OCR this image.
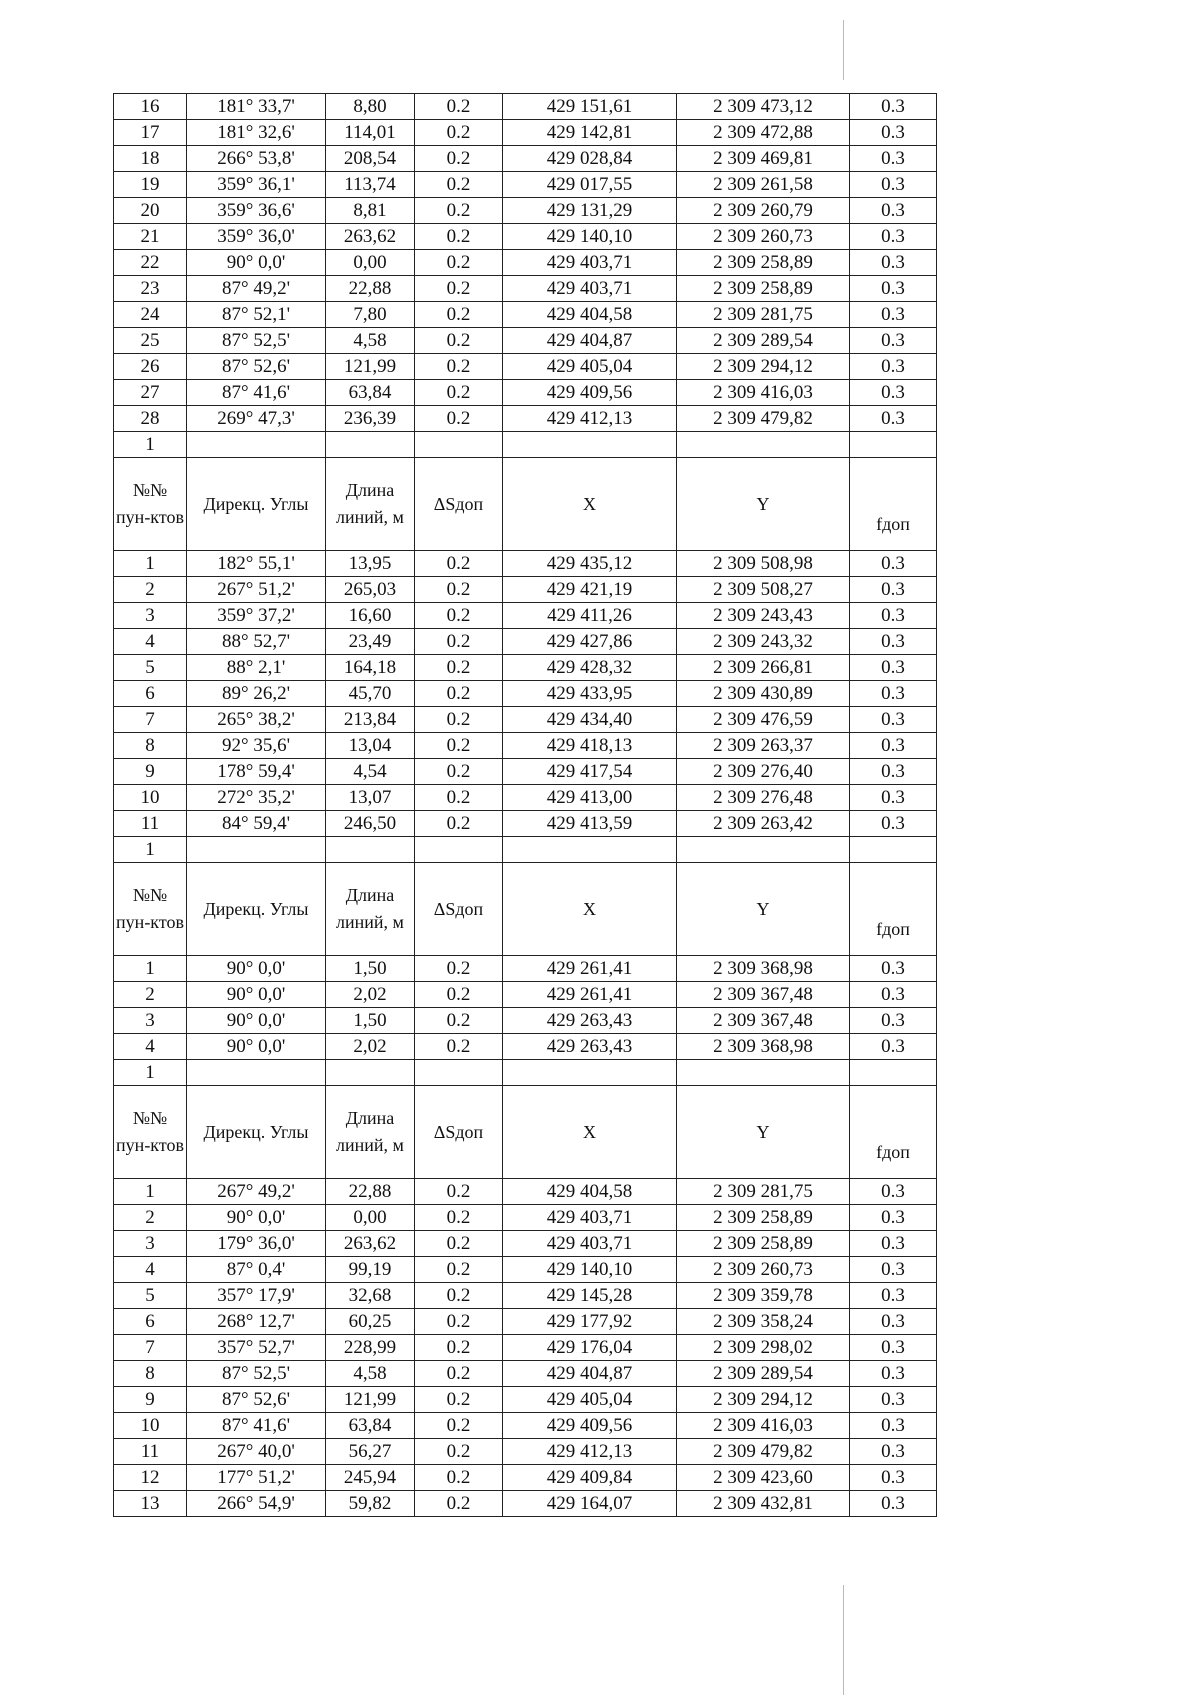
16	181° 33,7'	8,80	0.2	429 151,61	2 309 473,12	0.3
17	181° 32,6'	114,01	0.2	429 142,81	2 309 472,88	0.3
18	266° 53,8'	208,54	0.2	429 028,84	2 309 469,81	0.3
19	359° 36,1'	113,74	0.2	429 017,55	2 309 261,58	0.3
20	359° 36,6'	8,81	0.2	429 131,29	2 309 260,79	0.3
21	359° 36,0'	263,62	0.2	429 140,10	2 309 260,73	0.3
22	90° 0,0'	0,00	0.2	429 403,71	2 309 258,89	0.3
23	87° 49,2'	22,88	0.2	429 403,71	2 309 258,89	0.3
24	87° 52,1'	7,80	0.2	429 404,58	2 309 281,75	0.3
25	87° 52,5'	4,58	0.2	429 404,87	2 309 289,54	0.3
26	87° 52,6'	121,99	0.2	429 405,04	2 309 294,12	0.3
27	87° 41,6'	63,84	0.2	429 409,56	2 309 416,03	0.3
28	269° 47,3'	236,39	0.2	429 412,13	2 309 479,82	0.3
1						
№№ пун-ктов	Дирекц. Углы	Длина линий, м	ΔSдоп	X	Y	fдоп
1	182° 55,1'	13,95	0.2	429 435,12	2 309 508,98	0.3
2	267° 51,2'	265,03	0.2	429 421,19	2 309 508,27	0.3
3	359° 37,2'	16,60	0.2	429 411,26	2 309 243,43	0.3
4	88° 52,7'	23,49	0.2	429 427,86	2 309 243,32	0.3
5	88° 2,1'	164,18	0.2	429 428,32	2 309 266,81	0.3
6	89° 26,2'	45,70	0.2	429 433,95	2 309 430,89	0.3
7	265° 38,2'	213,84	0.2	429 434,40	2 309 476,59	0.3
8	92° 35,6'	13,04	0.2	429 418,13	2 309 263,37	0.3
9	178° 59,4'	4,54	0.2	429 417,54	2 309 276,40	0.3
10	272° 35,2'	13,07	0.2	429 413,00	2 309 276,48	0.3
11	84° 59,4'	246,50	0.2	429 413,59	2 309 263,42	0.3
1						
№№ пун-ктов	Дирекц. Углы	Длина линий, м	ΔSдоп	X	Y	fдоп
1	90° 0,0'	1,50	0.2	429 261,41	2 309 368,98	0.3
2	90° 0,0'	2,02	0.2	429 261,41	2 309 367,48	0.3
3	90° 0,0'	1,50	0.2	429 263,43	2 309 367,48	0.3
4	90° 0,0'	2,02	0.2	429 263,43	2 309 368,98	0.3
1						
№№ пун-ктов	Дирекц. Углы	Длина линий, м	ΔSдоп	X	Y	fдоп
1	267° 49,2'	22,88	0.2	429 404,58	2 309 281,75	0.3
2	90° 0,0'	0,00	0.2	429 403,71	2 309 258,89	0.3
3	179° 36,0'	263,62	0.2	429 403,71	2 309 258,89	0.3
4	87° 0,4'	99,19	0.2	429 140,10	2 309 260,73	0.3
5	357° 17,9'	32,68	0.2	429 145,28	2 309 359,78	0.3
6	268° 12,7'	60,25	0.2	429 177,92	2 309 358,24	0.3
7	357° 52,7'	228,99	0.2	429 176,04	2 309 298,02	0.3
8	87° 52,5'	4,58	0.2	429 404,87	2 309 289,54	0.3
9	87° 52,6'	121,99	0.2	429 405,04	2 309 294,12	0.3
10	87° 41,6'	63,84	0.2	429 409,56	2 309 416,03	0.3
11	267° 40,0'	56,27	0.2	429 412,13	2 309 479,82	0.3
12	177° 51,2'	245,94	0.2	429 409,84	2 309 423,60	0.3
13	266° 54,9'	59,82	0.2	429 164,07	2 309 432,81	0.3
